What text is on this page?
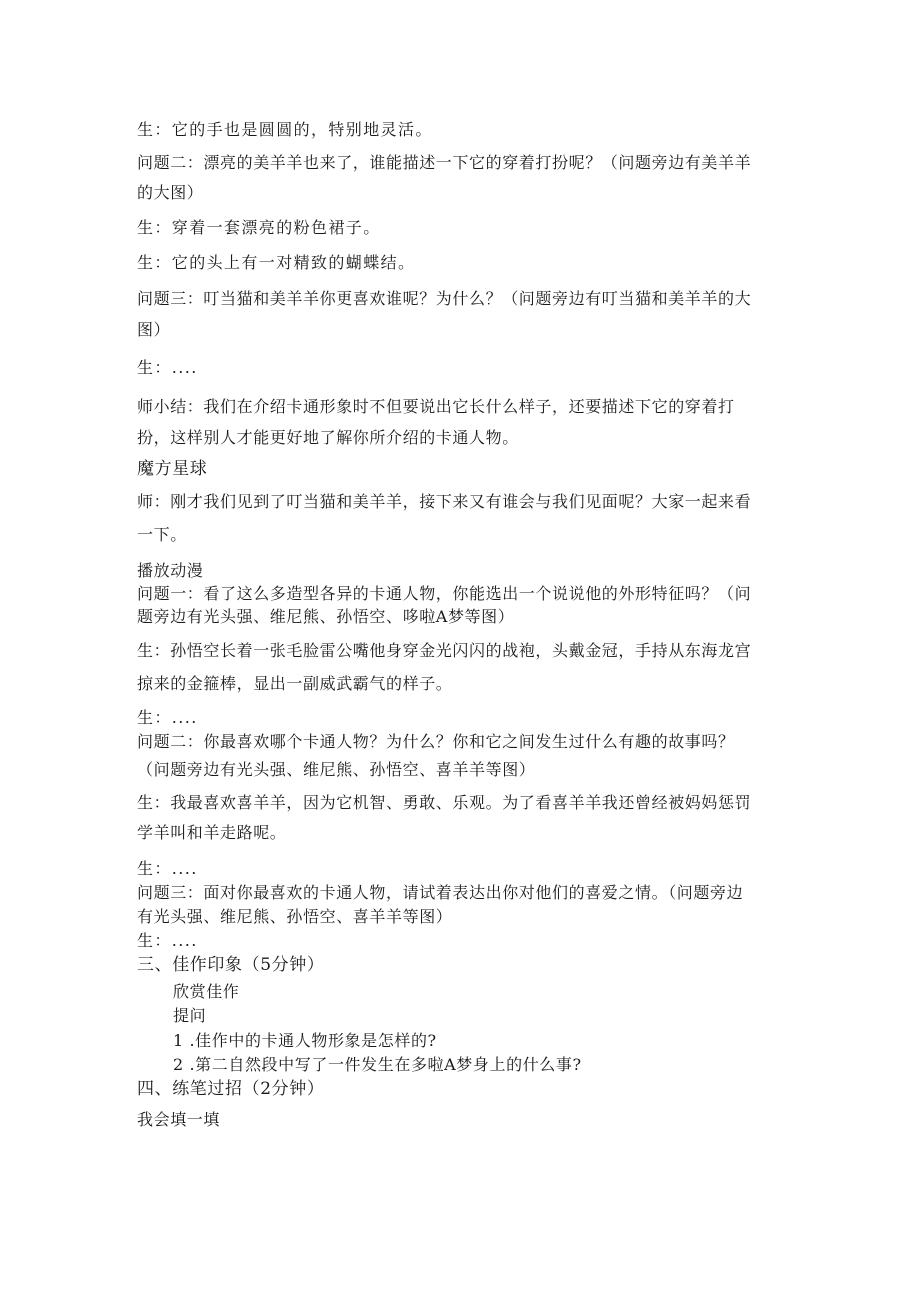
生：它的手也是圆圆的，特别地灵活。

问题二：漂亮的美羊羊也来了，谁能描述一下它的穿着打扮呢？（问题旁边有美羊羊

的大图）

生：穿着一套漂亮的粉色裙子。

生：它的头上有一对精致的蝴蝶结。

问题三：叮当猫和美羊羊你更喜欢谁呢？为什么？（问题旁边有叮当猫和美羊羊的大

图）

生：....

师小结：我们在介绍卡通形象时不但要说出它长什么样子，还要描述下它的穿着打

扮，这样别人才能更好地了解你所介绍的卡通人物。

魔方星球

师：刚才我们见到了叮当猫和美羊羊，接下来又有谁会与我们见面呢？大家一起来看

一下。

播放动漫

问题一：看了这么多造型各异的卡通人物，你能选出一个说说他的外形特征吗？（问

题旁边有光头强、维尼熊、孙悟空、哆啦A梦等图）

生：孙悟空长着一张毛脸雷公嘴他身穿金光闪闪的战袍，头戴金冠，手持从东海龙宫

掠来的金箍棒，显出一副威武霸气的样子。

生：....

问题二：你最喜欢哪个卡通人物？为什么？你和它之间发生过什么有趣的故事吗？

（问题旁边有光头强、维尼熊、孙悟空、喜羊羊等图）

生：我最喜欢喜羊羊，因为它机智、勇敢、乐观。为了看喜羊羊我还曾经被妈妈惩罚

学羊叫和羊走路呢。

生：....

问题三：面对你最喜欢的卡通人物，请试着表达出你对他们的喜爱之情。（问题旁边

有光头强、维尼熊、孙悟空、喜羊羊等图）

生：....

三、佳作印象（5分钟）

欣赏佳作

提问

1 .佳作中的卡通人物形象是怎样的?

2 .第二自然段中写了一件发生在多啦A梦身上的什么事?

四、练笔过招（2分钟）

我会填一填
